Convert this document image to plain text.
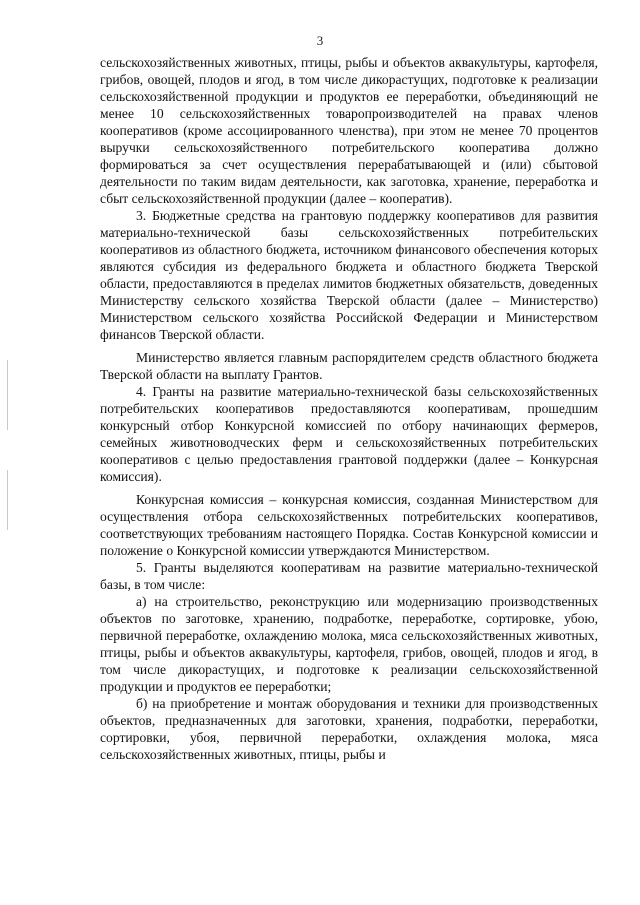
3

сельскохозяйственных животных, птицы, рыбы и объектов аквакультуры, картофеля, грибов, овощей, плодов и ягод, в том числе дикорастущих, подготовке к реализации сельскохозяйственной продукции и продуктов ее переработки, объединяющий не менее 10 сельскохозяйственных товаропроизводителей на правах членов кооперативов (кроме ассоциированного членства), при этом не менее 70 процентов выручки сельскохозяйственного потребительского кооператива должно формироваться за счет осуществления перерабатывающей и (или) сбытовой деятельности по таким видам деятельности, как заготовка, хранение, переработка и сбыт сельскохозяйственной продукции (далее – кооператив).

3. Бюджетные средства на грантовую поддержку кооперативов для развития материально-технической базы сельскохозяйственных потребительских кооперативов из областного бюджета, источником финансового обеспечения которых являются субсидия из федерального бюджета и областного бюджета Тверской области, предоставляются в пределах лимитов бюджетных обязательств, доведенных Министерству сельского хозяйства Тверской области (далее – Министерство) Министерством сельского хозяйства Российской Федерации и Министерством финансов Тверской области.

Министерство является главным распорядителем средств областного бюджета Тверской области на выплату Грантов.

4. Гранты на развитие материально-технической базы сельскохозяйственных потребительских кооперативов предоставляются кооперативам, прошедшим конкурсный отбор Конкурсной комиссией по отбору начинающих фермеров, семейных животноводческих ферм и сельскохозяйственных потребительских кооперативов с целью предоставления грантовой поддержки (далее – Конкурсная комиссия).

Конкурсная комиссия – конкурсная комиссия, созданная Министерством для осуществления отбора сельскохозяйственных потребительских кооперативов, соответствующих требованиям настоящего Порядка. Состав Конкурсной комиссии и положение о Конкурсной комиссии утверждаются Министерством.

5. Гранты выделяются кооперативам на развитие материально-технической базы, в том числе:

а) на строительство, реконструкцию или модернизацию производственных объектов по заготовке, хранению, подработке, переработке, сортировке, убою, первичной переработке, охлаждению молока, мяса сельскохозяйственных животных, птицы, рыбы и объектов аквакультуры, картофеля, грибов, овощей, плодов и ягод, в том числе дикорастущих, и подготовке к реализации сельскохозяйственной продукции и продуктов ее переработки;

б) на приобретение и монтаж оборудования и техники для производственных объектов, предназначенных для заготовки, хранения, подработки, переработки, сортировки, убоя, первичной переработки, охлаждения молока, мяса сельскохозяйственных животных, птицы, рыбы и
